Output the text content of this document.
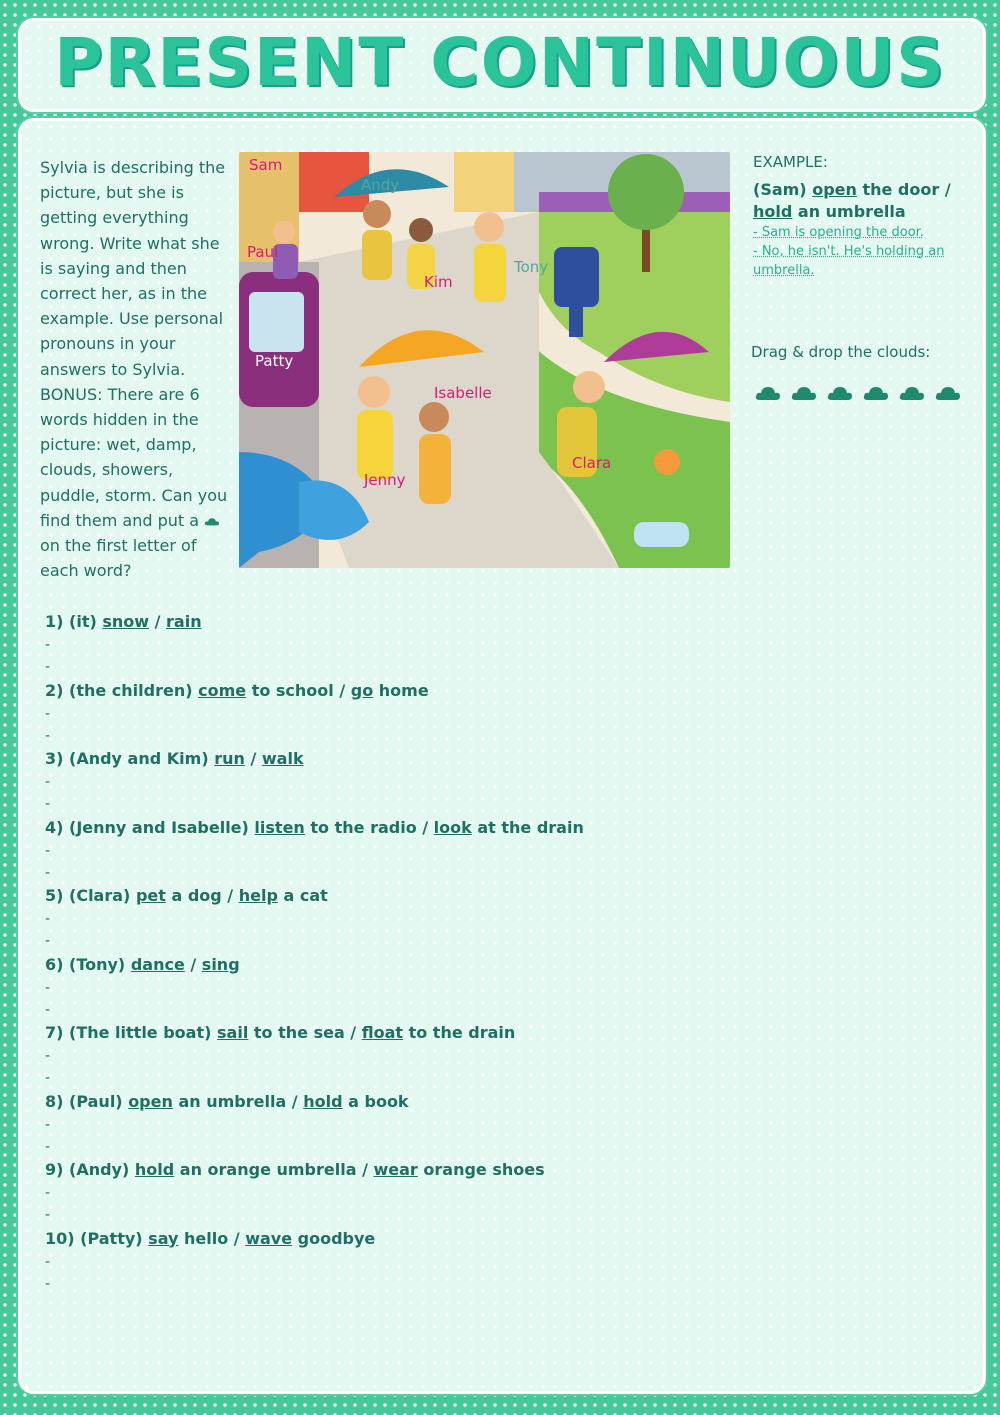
PRESENT CONTINUOUS
Sylvia is describing the picture, but she is getting everything wrong. Write what she is saying and then correct her, as in the example. Use personal pronouns in your answers to Sylvia. BONUS: There are 6 words hidden in the picture: wet, damp, clouds, showers, puddle, storm. Can you find them and put a  on the first letter of each word?
Sam
Andy
Paul
Kim
Tony
Patty
Isabelle
Jenny
Clara
EXAMPLE:
(Sam) open the door /
hold an umbrella
- Sam is opening the door.
- No, he isn't. He's holding an umbrella.
Drag & drop the clouds:
1) (it) snow / rain
-
-
2) (the children) come to school / go home
-
-
3) (Andy and Kim) run / walk
-
-
4) (Jenny and Isabelle) listen to the radio / look at the drain
-
-
5) (Clara) pet a dog / help a cat
-
-
6) (Tony) dance / sing
-
-
7) (The little boat) sail to the sea / float to the drain
-
-
8) (Paul) open an umbrella / hold a book
-
-
9) (Andy) hold an orange umbrella / wear orange shoes
-
-
10) (Patty) say hello / wave goodbye
-
-
